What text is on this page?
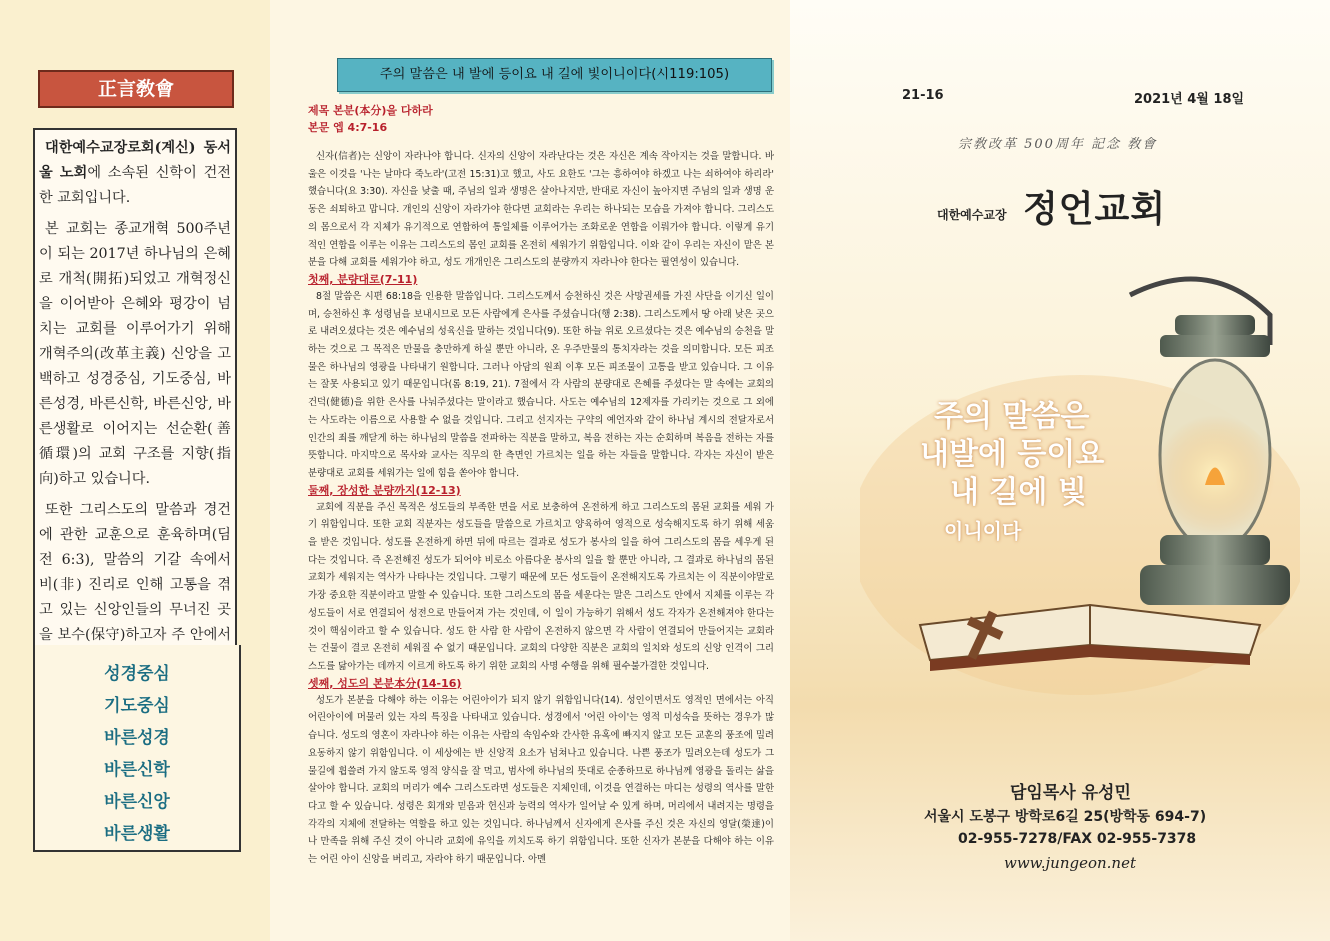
正言敎會

대한예수교장로회(계신) 동서울 노회에 소속된 신학이 건전한 교회입니다.

본 교회는 종교개혁 500주년이 되는 2017년 하나님의 은혜로 개척(開拓)되었고 개혁정신을 이어받아 은혜와 평강이 넘치는 교회를 이루어가기 위해 개혁주의(改革主義) 신앙을 고백하고 성경중심, 기도중심, 바른성경, 바른신학, 바른신앙, 바른생활로 이어지는 선순환(善循環)의 교회 구조를 지향(指向)하고 있습니다.

또한 그리스도의 말씀과 경건에 관한 교훈으로 훈육하며(딤전 6:3), 말씀의 기갈 속에서 비(非) 진리로 인해 고통을 겪고 있는 신앙인들의 무너진 곳을 보수(保守)하고자 주 안에서

성경중심
기도중심
바른성경
바른신학
바른신앙
바른생활
주의 말씀은 내 발에 등이요 내 길에 빛이니이다(시119:105)
제목 본분(本分)을 다하라
본문 엡 4:7-16
신자(信者)는 신앙이 자라나야 합니다. 신자의 신앙이 자라난다는 것은 자신은 계속 작아지는 것을 말합니다. 바울은 이것을 '나는 날마다 죽노라'(고전 15:31)고 했고, 사도 요한도 '그는 흥하여야 하겠고 나는 쇠하여야 하리라' 했습니다(요 3:30). 자신을 낮출 때, 주님의 일과 생명은 살아나지만, 반대로 자신이 높아지면 주님의 일과 생명 운동은 쇠퇴하고 맙니다. 개인의 신앙이 자라가야 한다면 교회라는 우리는 하나되는 모습을 가져야 합니다. 그리스도의 몸으로서 각 지체가 유기적으로 연합하여 통일체를 이루어가는 조화로운 연합을 이뤄가야 합니다. 이렇게 유기적인 연합을 이루는 이유는 그리스도의 몸인 교회를 온전히 세워가기 위함입니다. 이와 같이 우리는 자신이 맡은 본분을 다해 교회를 세워가야 하고, 성도 개개인은 그리스도의 분량까지 자라나야 한다는 필연성이 있습니다.
첫째, 분량대로(7-11)
8절 말씀은 시편 68:18을 인용한 말씀입니다. 그리스도께서 승천하신 것은 사망권세를 가진 사단을 이기신 일이며, 승천하신 후 성령님을 보내시므로 모든 사람에게 은사를 주셨습니다(행 2:38). 그리스도께서 땅 아래 낮은 곳으로 내려오셨다는 것은 예수님의 성육신을 말하는 것입니다(9). 또한 하늘 위로 오르셨다는 것은 예수님의 승천을 말하는 것으로 그 목적은 만물을 충만하게 하실 뿐만 아니라, 온 우주만물의 통치자라는 것을 의미합니다. 모든 피조물은 하나님의 영광을 나타내기 원합니다. 그러나 아담의 원죄 이후 모든 피조물이 고통을 받고 있습니다. 그 이유는 잘못 사용되고 있기 때문입니다(롬 8:19, 21). 7절에서 각 사람의 분량대로 은혜를 주셨다는 말 속에는 교회의 건덕(健德)을 위한 은사를 나눠주셨다는 말이라고 했습니다. 사도는 예수님의 12제자를 가리키는 것으로 그 외에는 사도라는 이름으로 사용할 수 없을 것입니다. 그리고 선지자는 구약의 예언자와 같이 하나님 계시의 전달자로서 인간의 죄를 깨닫게 하는 하나님의 말씀을 전파하는 직분을 말하고, 복음 전하는 자는 순회하며 복음을 전하는 자를 뜻합니다. 마지막으로 목사와 교사는 직무의 한 측면인 가르치는 일을 하는 자들을 말합니다. 각자는 자신이 받은 분량대로 교회를 세워가는 일에 힘을 쏟아야 합니다.
둘째, 장성한 분량까지(12-13)
교회에 직분을 주신 목적은 성도들의 부족한 면을 서로 보충하여 온전하게 하고 그리스도의 몸된 교회를 세워 가기 위함입니다. 또한 교회 직분자는 성도들을 말씀으로 가르치고 양육하여 영적으로 성숙해지도록 하기 위해 세움을 받은 것입니다. 성도를 온전하게 하면 뒤에 따르는 결과로 성도가 봉사의 일을 하여 그리스도의 몸을 세우게 된다는 것입니다. 즉 온전해진 성도가 되어야 비로소 아름다운 봉사의 일을 할 뿐만 아니라, 그 결과로 하나님의 몸된 교회가 세워지는 역사가 나타나는 것입니다. 그렇기 때문에 모든 성도들이 온전해지도록 가르치는 이 직분이야말로 가장 중요한 직분이라고 말할 수 있습니다. 또한 그리스도의 몸을 세운다는 말은 그리스도 안에서 지체를 이루는 각 성도들이 서로 연결되어 성전으로 만들어져 가는 것인데, 이 일이 가능하기 위해서 성도 각자가 온전해져야 한다는 것이 핵심이라고 할 수 있습니다. 성도 한 사람 한 사람이 온전하지 않으면 각 사람이 연결되어 만들어지는 교회라는 건물이 결코 온전히 세워질 수 없기 때문입니다. 교회의 다양한 직분은 교회의 일치와 성도의 신앙 인격이 그리스도를 닮아가는 데까지 이르게 하도록 하기 위한 교회의 사명 수행을 위해 필수불가결한 것입니다.
셋째, 성도의 본분本分(14-16)
성도가 본분을 다해야 하는 이유는 어린아이가 되지 않기 위함입니다(14). 성인이면서도 영적인 면에서는 아직 어린아이에 머물러 있는 자의 특징을 나타내고 있습니다. 성경에서 '어린 아이'는 영적 미성숙을 뜻하는 경우가 많습니다. 성도의 영혼이 자라나야 하는 이유는 사람의 속임수와 간사한 유혹에 빠지지 않고 모든 교훈의 풍조에 밀려 요동하지 않기 위함입니다. 이 세상에는 반 신앙적 요소가 넘쳐나고 있습니다. 나쁜 풍조가 밀려오는데 성도가 그 물길에 휩쓸려 가지 않도록 영적 양식을 잘 먹고, 범사에 하나님의 뜻대로 순종하므로 하나님께 영광을 돌리는 삶을 살아야 합니다. 교회의 머리가 예수 그리스도라면 성도들은 지체인데, 이것을 연결하는 마디는 성령의 역사를 말한다고 할 수 있습니다. 성령은 회개와 믿음과 헌신과 능력의 역사가 일어날 수 있게 하며, 머리에서 내려지는 명령을 각각의 지체에 전달하는 역할을 하고 있는 것입니다. 하나님께서 신자에게 은사를 주신 것은 자신의 영달(榮達)이나 만족을 위해 주신 것이 아니라 교회에 유익을 끼치도록 하기 위함입니다. 또한 신자가 본분을 다해야 하는 이유는 어린 아이 신앙을 버리고, 자라야 하기 때문입니다. 아멘
21-16	2021년 4월 18일
宗敎改革 500周年 記念 敎會
대한예수교장 정언교회
주의 말씀은
내발에 등이요
내 길에 빛
이니이다
담임목사 유성민
서울시 도봉구 방학로6길 25(방학동 694-7)
02-955-7278/FAX 02-955-7378
www.jungeon.net
